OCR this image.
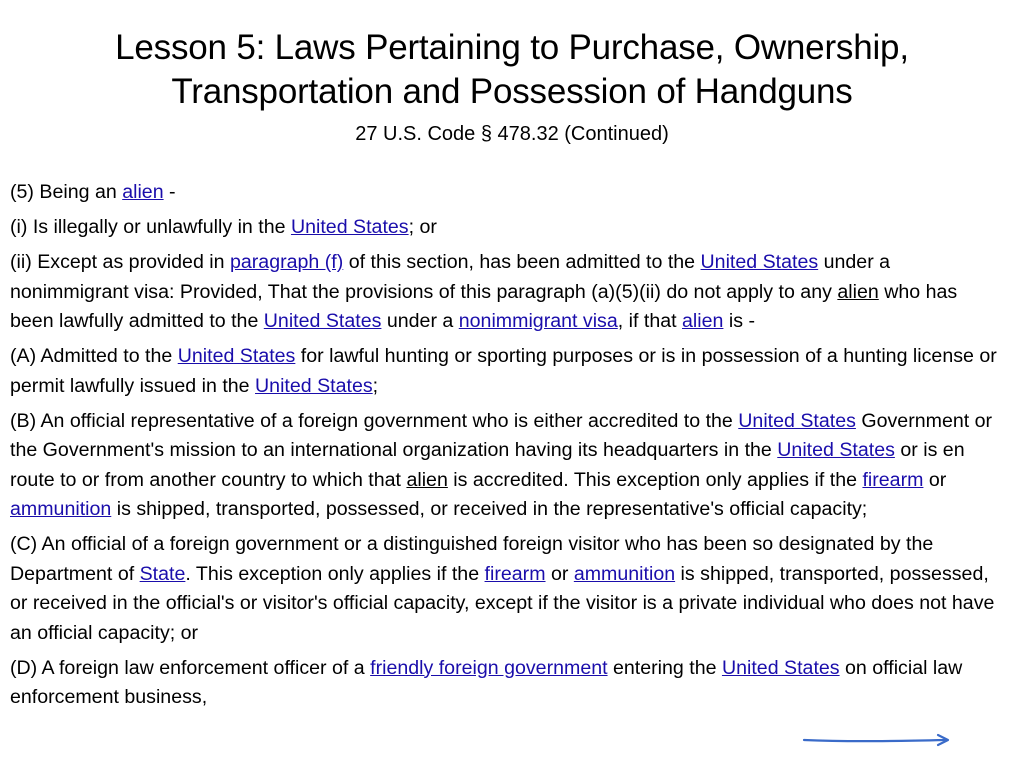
Lesson 5: Laws Pertaining to Purchase, Ownership, Transportation and Possession of Handguns
27 U.S. Code § 478.32 (Continued)

(5) Being an alien -

(i) Is illegally or unlawfully in the United States; or

(ii) Except as provided in paragraph (f) of this section, has been admitted to the United States under a nonimmigrant visa: Provided, That the provisions of this paragraph (a)(5)(ii) do not apply to any alien who has been lawfully admitted to the United States under a nonimmigrant visa, if that alien is -

(A) Admitted to the United States for lawful hunting or sporting purposes or is in possession of a hunting license or permit lawfully issued in the United States;

(B) An official representative of a foreign government who is either accredited to the United States Government or the Government's mission to an international organization having its headquarters in the United States or is en route to or from another country to which that alien is accredited. This exception only applies if the firearm or ammunition is shipped, transported, possessed, or received in the representative's official capacity;

(C) An official of a foreign government or a distinguished foreign visitor who has been so designated by the Department of State. This exception only applies if the firearm or ammunition is shipped, transported, possessed, or received in the official's or visitor's official capacity, except if the visitor is a private individual who does not have an official capacity; or

(D) A foreign law enforcement officer of a friendly foreign government entering the United States on official law enforcement business,
